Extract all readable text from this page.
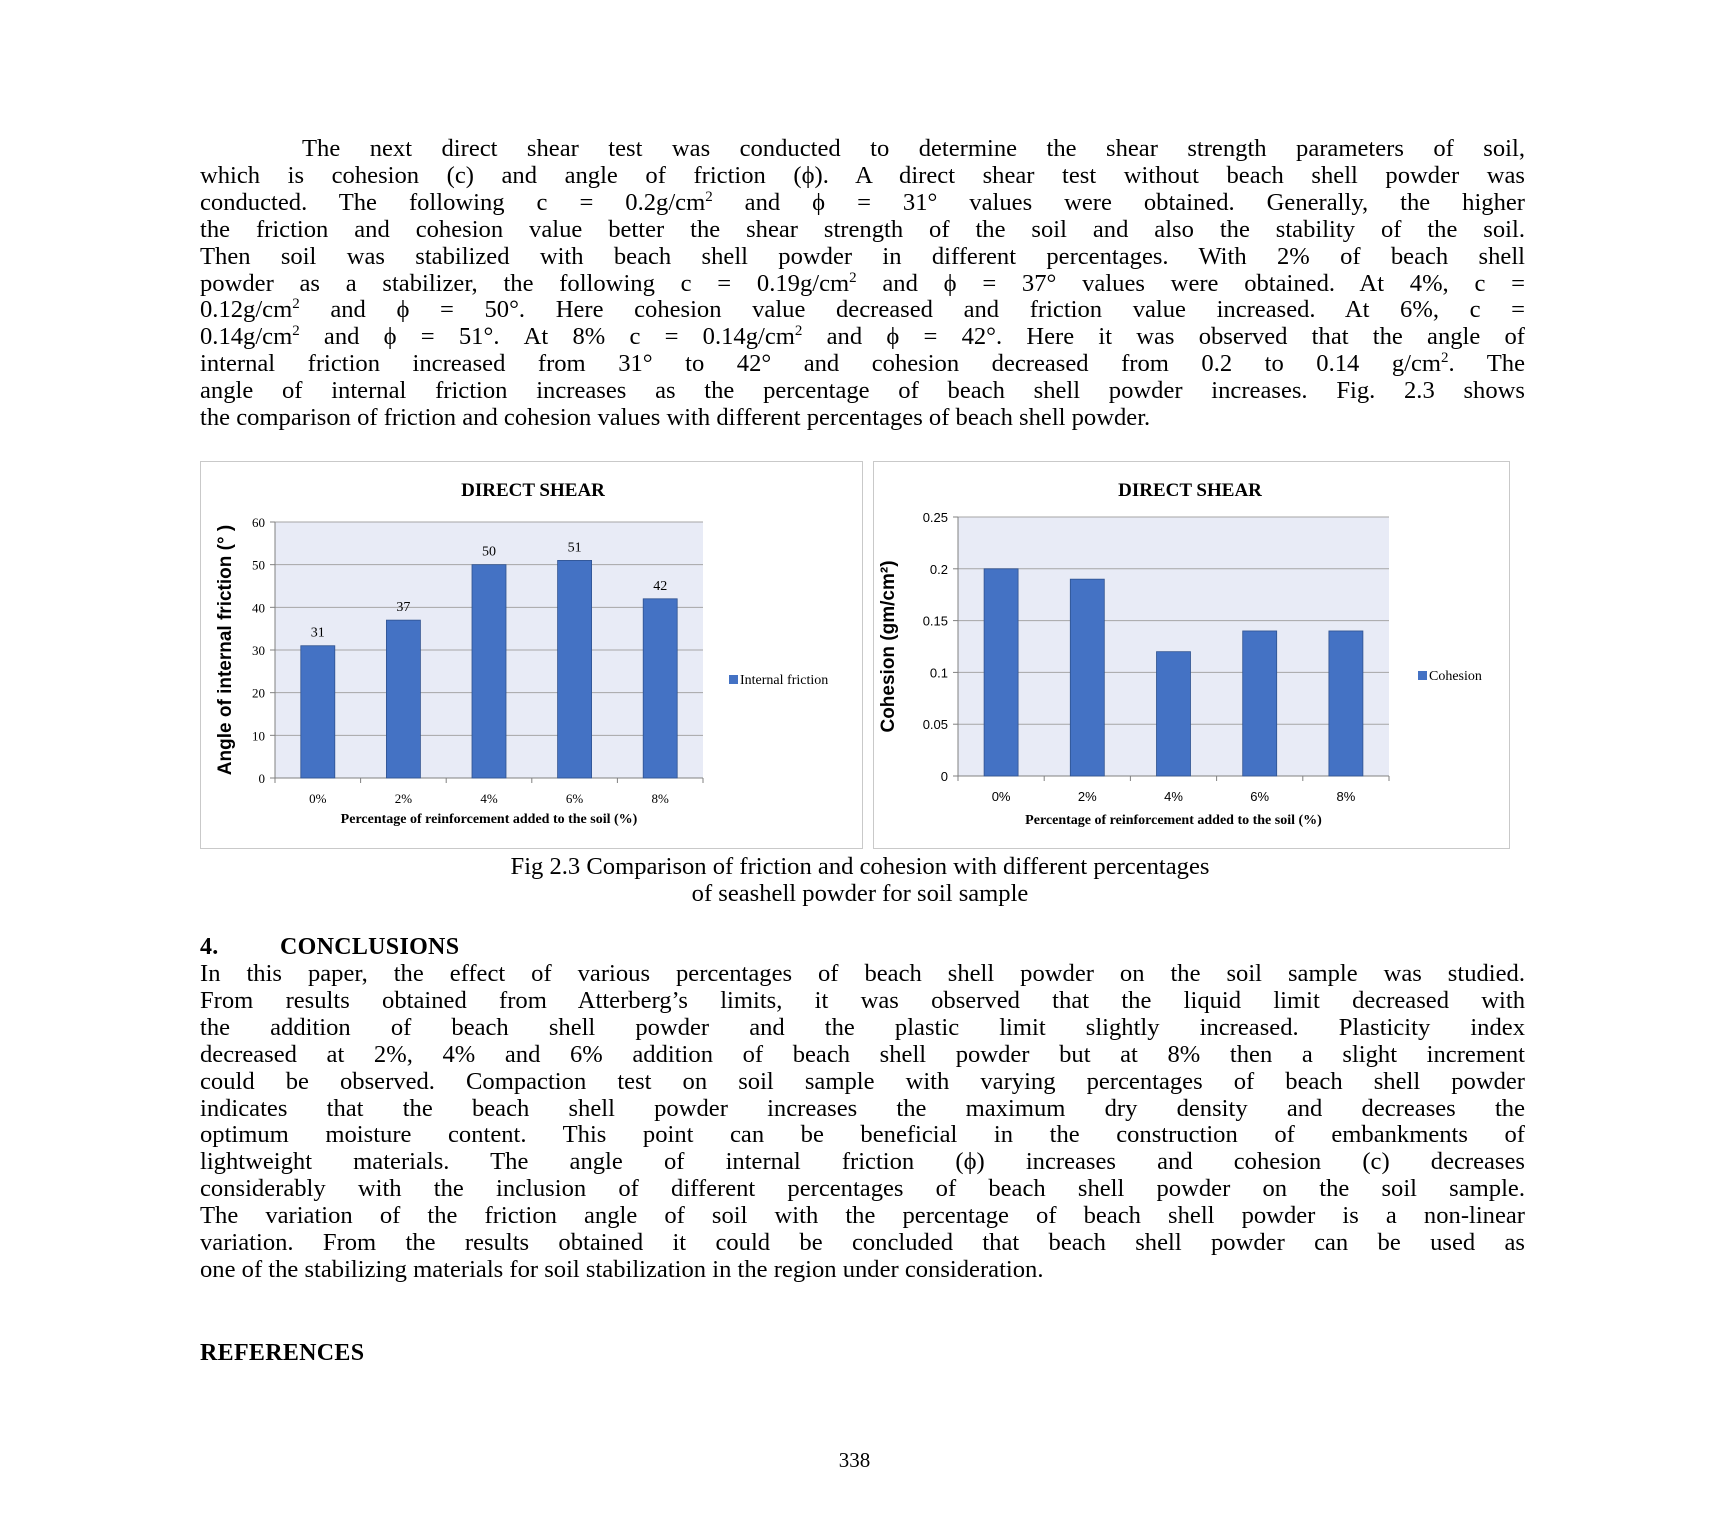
The next direct shear test was conducted to determine the shear strength parameters of soil,
which is cohesion (c) and angle of friction (ϕ). A direct shear test without beach shell powder was
conducted. The following $c = 0.2g/cm^2$ and ϕ = 31° values were obtained. Generally, the higher
the friction and cohesion value better the shear strength of the soil and also the stability of the soil.
Then soil was stabilized with beach shell powder in different percentages. With 2% of beach shell
powder as a stabilizer, the following $c = 0.19g/cm^2$ and ϕ = 37° values were obtained. At 4%, c =
$0.12g/cm^2$ and ϕ = 50°. Here cohesion value decreased and friction value increased. At 6%, c =
$0.14g/cm^2$ and ϕ = 51°. At 8% $c = 0.14g/cm^2$ and ϕ = 42°. Here it was observed that the angle of
internal friction increased from 31° to 42° and cohesion decreased from 0.2 to 0.14 $g/cm^2$. The
angle of internal friction increases as the percentage of beach shell powder increases. Fig. 2.3 shows
the comparison of friction and cohesion values with different percentages of beach shell powder.
DIRECT SHEAR
0
10
20
30
40
50
60
31
0%
37
2%
50
4%
51
6%
42
8%
Percentage of reinforcement added to the soil (%)
Angle of internal friction (° )	Internal friction
DIRECT SHEAR
0
0.05
0.1
0.15
0.2
0.25
0%	2%	4%	6%	8%
Percentage of reinforcement added to the soil (%)
Cohesion (gm/cm²)	Cohesion
Fig 2.3 Comparison of friction and cohesion with different percentages
of seashell powder for soil sample
4.	CONCLUSIONS
In this paper, the effect of various percentages of beach shell powder on the soil sample was studied.
From results obtained from Atterberg’s limits, it was observed that the liquid limit decreased with
the addition of beach shell powder and the plastic limit slightly increased. Plasticity index
decreased at 2%, 4% and 6% addition of beach shell powder but at 8% then a slight increment
could be observed. Compaction test on soil sample with varying percentages of beach shell powder
indicates that the beach shell powder increases the maximum dry density and decreases the
optimum moisture content. This point can be beneficial in the construction of embankments of
lightweight materials. The angle of internal friction (ϕ) increases and cohesion (c) decreases
considerably with the inclusion of different percentages of beach shell powder on the soil sample.
The variation of the friction angle of soil with the percentage of beach shell powder is a non-linear
variation. From the results obtained it could be concluded that beach shell powder can be used as
one of the stabilizing materials for soil stabilization in the region under consideration.
REFERENCES
338
